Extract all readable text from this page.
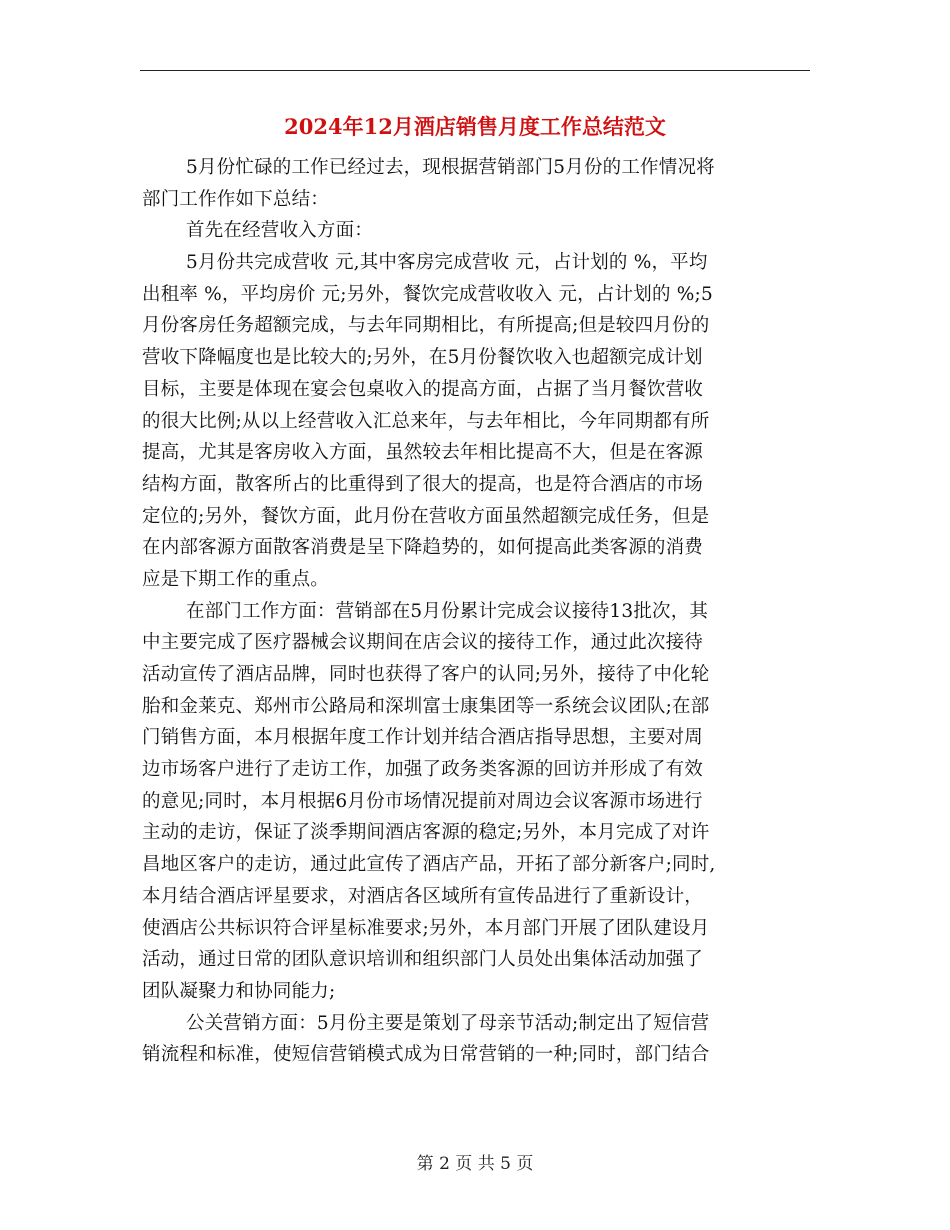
2024年12月酒店销售月度工作总结范文
5月份忙碌的工作已经过去，现根据营销部门5月份的工作情况将
部门工作作如下总结：
首先在经营收入方面：
5月份共完成营收 元,其中客房完成营收 元，占计划的 %，平均
出租率 %，平均房价 元;另外，餐饮完成营收收入 元，占计划的 %;5
月份客房任务超额完成，与去年同期相比，有所提高;但是较四月份的
营收下降幅度也是比较大的;另外，在5月份餐饮收入也超额完成计划
目标，主要是体现在宴会包桌收入的提高方面，占据了当月餐饮营收
的很大比例;从以上经营收入汇总来年，与去年相比，今年同期都有所
提高，尤其是客房收入方面，虽然较去年相比提高不大，但是在客源
结构方面，散客所占的比重得到了很大的提高，也是符合酒店的市场
定位的;另外，餐饮方面，此月份在营收方面虽然超额完成任务，但是
在内部客源方面散客消费是呈下降趋势的，如何提高此类客源的消费
应是下期工作的重点。
在部门工作方面：营销部在5月份累计完成会议接待13批次，其
中主要完成了医疗器械会议期间在店会议的接待工作，通过此次接待
活动宣传了酒店品牌，同时也获得了客户的认同;另外，接待了中化轮
胎和金莱克、郑州市公路局和深圳富士康集团等一系统会议团队;在部
门销售方面，本月根据年度工作计划并结合酒店指导思想，主要对周
边市场客户进行了走访工作，加强了政务类客源的回访并形成了有效
的意见;同时，本月根据6月份市场情况提前对周边会议客源市场进行
主动的走访，保证了淡季期间酒店客源的稳定;另外，本月完成了对许
昌地区客户的走访，通过此宣传了酒店产品，开拓了部分新客户;同时,
本月结合酒店评星要求，对酒店各区域所有宣传品进行了重新设计，
使酒店公共标识符合评星标准要求;另外，本月部门开展了团队建设月
活动，通过日常的团队意识培训和组织部门人员处出集体活动加强了
团队凝聚力和协同能力;
公关营销方面：5月份主要是策划了母亲节活动;制定出了短信营
销流程和标准，使短信营销模式成为日常营销的一种;同时，部门结合
第 2 页 共 5 页
